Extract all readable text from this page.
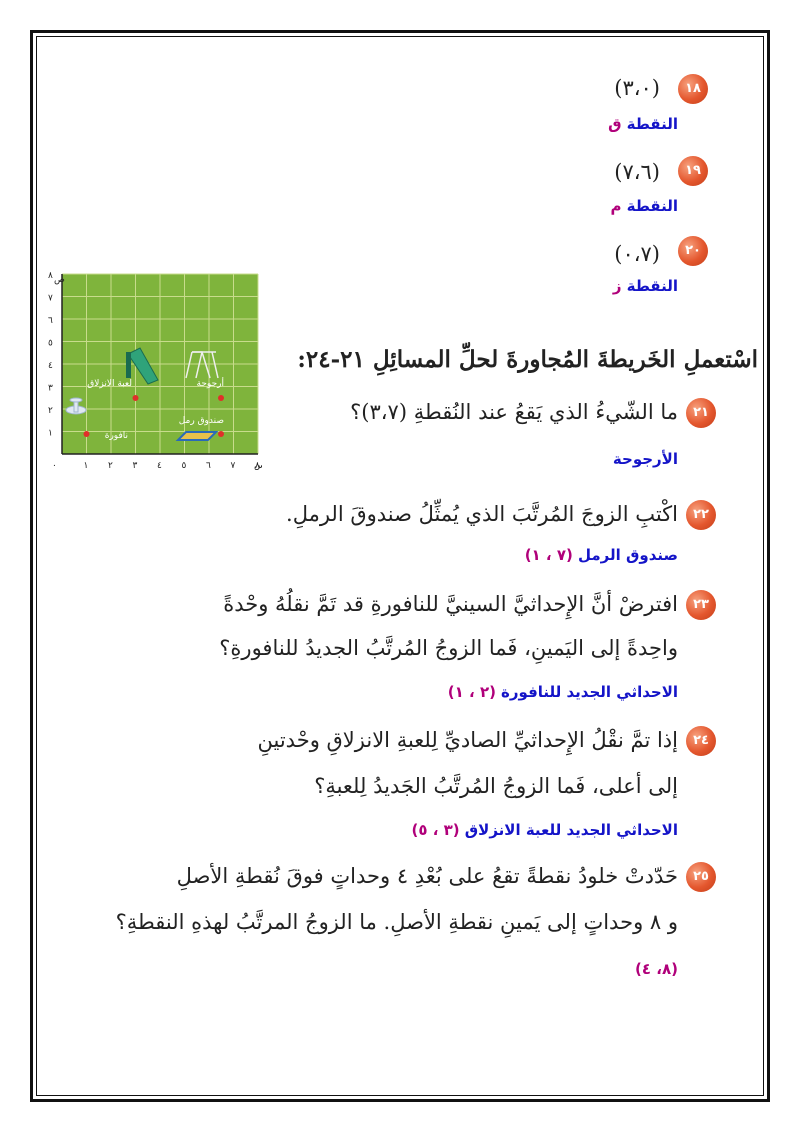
١٨
(٣،٠)
النقطة ق
١٩
(٧،٦)
النقطة م
٢٠
(٠،٧)
النقطة ز
٨
٧
٦
٥
٤
٣
٢
١
١ ٢ ٣ ٤ ٥ ٦ ٧ ٨
ص
س
٠
لعبة الانزلاق	أرجوحة
نافورة
صندوق رمل
اسْتعملِ الخَريطةَ المُجاورةَ لحلِّ المسائِلِ ٢١-٢٤:
٢١
ما الشّيءُ الذي يَقعُ عند النُقطةِ (٣،٧)؟
الأرجوحة
٢٢
اكْتبِ الزوجَ المُرتَّبَ الذي يُمثِّلُ صندوقَ الرملِ.
صندوق الرمل (٧ ، ١)
٢٣
افترضْ أنَّ الإِحداثيَّ السينيَّ للنافورةِ قد تَمَّ نقلُهُ وحْدةً
واحِدةً إلى اليَمينِ، فَما الزوجُ المُرتَّبُ الجديدُ للنافورةِ؟
الاحداثي الجديد للنافورة (٢ ، ١)
٢٤
إذا تمَّ نقْلُ الإِحداثيِّ الصاديِّ لِلعبةِ الانزلاقِ وحْدتينِ
إلى أعلى، فَما الزوجُ المُرتَّبُ الجَديدُ لِلعبةِ؟
الاحداثي الجديد للعبة الانزلاق (٣ ، ٥)
٢٥
حَدّدتْ خلودُ نقطةً تقعُ على بُعْدِ ٤ وحداتٍ فوقَ نُقطةِ الأصلِ
و ٨ وحداتٍ إلى يَمينِ نقطةِ الأصلِ. ما الزوجُ المرتَّبُ لهذهِ النقطةِ؟
(٨، ٤)
